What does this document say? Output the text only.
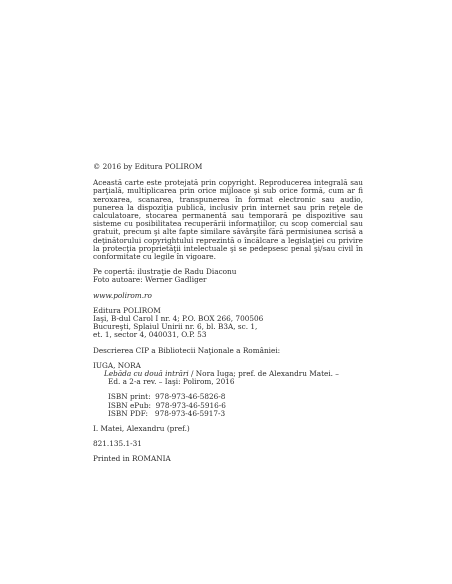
© 2016 by Editura POLIROM

Această carte este protejată prin copyright. Reproducerea integrală sau parţială, multiplicarea prin orice mijloace şi sub orice formă, cum ar fi xeroxarea, scanarea, transpunerea în format electronic sau audio, punerea la dispoziţia publică, inclusiv prin internet sau prin reţele de calculatoare, stocarea permanentă sau temporară pe dispozitive sau sisteme cu posibilitatea recuperării informaţiilor, cu scop comercial sau gratuit, precum şi alte fapte similare săvârşite fără permisiunea scrisă a deţinătorului copyrightului reprezintă o încălcare a legislaţiei cu privire la protecţia proprietăţii intelectuale şi se pedepsesc penal şi/sau civil în conformitate cu legile în vigoare.

Pe copertă: ilustraţie de Radu Diaconu
Foto autoare: Werner Gadliger
www.polirom.ro
Editura POLIROM
Iaşi, B-dul Carol I nr. 4; P.O. BOX 266, 700506
Bucureşti, Splaiul Unirii nr. 6, bl. B3A, sc. 1,
et. 1, sector 4, 040031, O.P. 53
Descrierea CIP a Bibliotecii Naţionale a României:
IUGA, NORA
Lebăda cu două intrări / Nora Iuga; pref. de Alexandru Matei. –
Ed. a 2-a rev. – Iaşi: Polirom, 2016
ISBN print:  978-973-46-5826-8
ISBN ePub:  978-973-46-5916-6
ISBN PDF:   978-973-46-5917-3
I. Matei, Alexandru (pref.)
821.135.1-31
Printed in ROMANIA
